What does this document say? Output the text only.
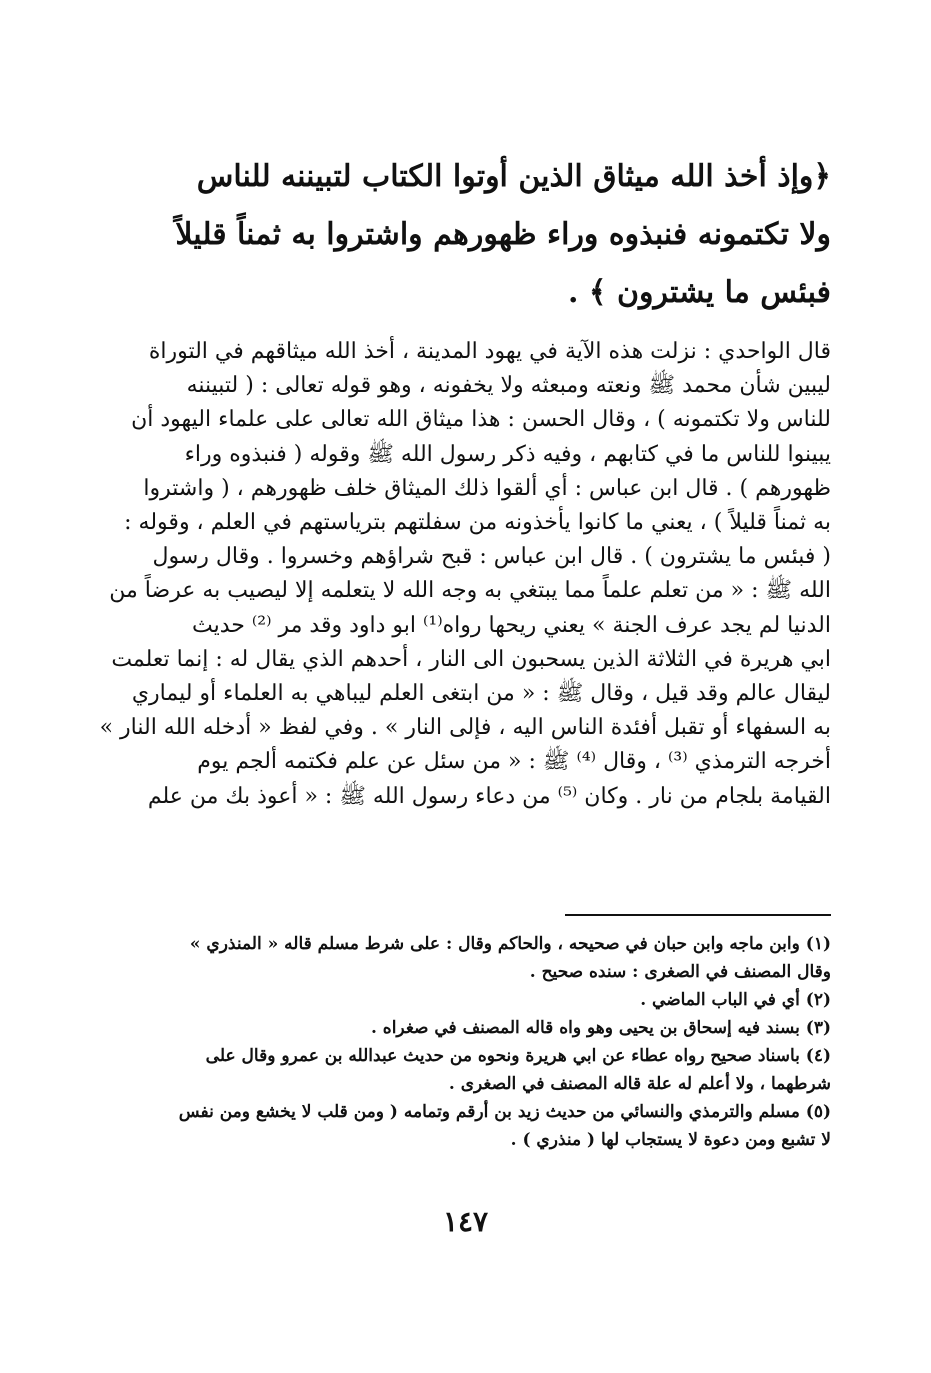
﴿وإذ أخذ الله ميثاق الذين أوتوا الكتاب لتبيننه للناس
ولا تكتمونه فنبذوه وراء ظهورهم واشتروا به ثمناً قليلاً
فبئس ما يشترون ﴾ .
قال الواحدي : نزلت هذه الآية في يهود المدينة ، أخذ الله ميثاقهم في التوراة
ليبين شأن محمد ﷺ ونعته ومبعثه ولا يخفونه ، وهو قوله تعالى : ( لتبيننه
للناس ولا تكتمونه ) ، وقال الحسن : هذا ميثاق الله تعالى على علماء اليهود أن
يبينوا للناس ما في كتابهم ، وفيه ذكر رسول الله ﷺ وقوله ( فنبذوه وراء
ظهورهم ) . قال ابن عباس : أي ألقوا ذلك الميثاق خلف ظهورهم ، ( واشتروا
به ثمناً قليلاً ) ، يعني ما كانوا يأخذونه من سفلتهم بترياستهم في العلم ، وقوله :
( فبئس ما يشترون ) . قال ابن عباس : قبح شراؤهم وخسروا . وقال رسول
الله ﷺ : « من تعلم علماً مما يبتغي به وجه الله لا يتعلمه إلا ليصيب به عرضاً من
الدنيا لم يجد عرف الجنة » يعني ريحها رواه⁽¹⁾ ابو داود وقد مر ⁽²⁾ حديث
ابي هريرة في الثلاثة الذين يسحبون الى النار ، أحدهم الذي يقال له : إنما تعلمت
ليقال عالم وقد قيل ، وقال ﷺ : « من ابتغى العلم ليباهي به العلماء أو ليماري
به السفهاء أو تقبل أفئدة الناس اليه ، فإلى النار » . وفي لفظ « أدخله الله النار »
أخرجه الترمذي ⁽³⁾ ، وقال ⁽⁴⁾ ﷺ : « من سئل عن علم فكتمه ألجم يوم
القيامة بلجام من نار . وكان ⁽⁵⁾ من دعاء رسول الله ﷺ : « أعوذ بك من علم
(١) وابن ماجه وابن حبان في صحيحه ، والحاكم وقال : على شرط مسلم قاله « المنذري »
وقال المصنف في الصغرى : سنده صحيح .
(٢) أي في الباب الماضي .
(٣) بسند فيه إسحاق بن يحيى وهو واه قاله المصنف في صغراه .
(٤) باسناد صحيح رواه عطاء عن ابي هريرة ونحوه من حديث عبدالله بن عمرو وقال على
شرطهما ، ولا أعلم له علة قاله المصنف في الصغرى .
(٥) مسلم والترمذي والنسائي من حديث زيد بن أرقم وتمامه ( ومن قلب لا يخشع ومن نفس
لا تشبع ومن دعوة لا يستجاب لها ( منذري ) .
١٤٧
